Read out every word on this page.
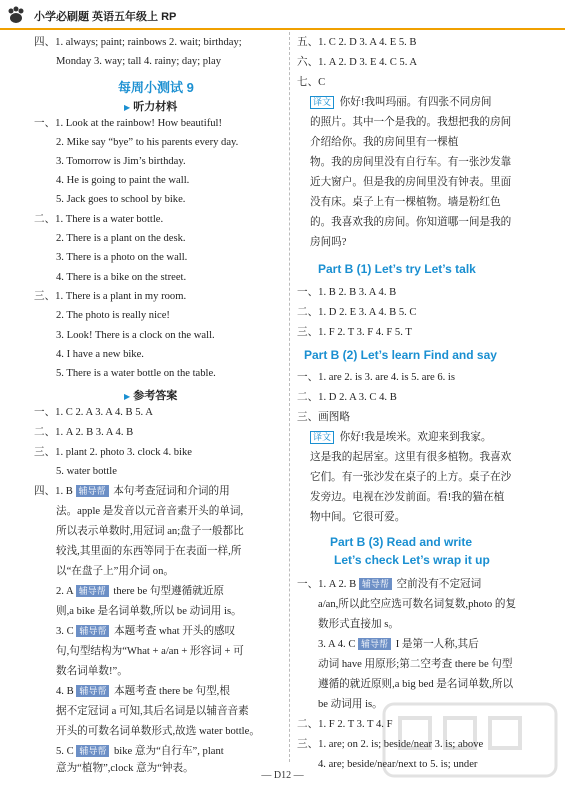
小学必刷题 英语五年级上 RP
四、1. always; paint; rainbows 2. wait; birthday;
Monday 3. way; tall 4. rainy; day; play
每周小测试 9
▶ 听力材料
一、1. Look at the rainbow! How beautiful!
2. Mike say “bye” to his parents every day.
3. Tomorrow is Jim’s birthday.
4. He is going to paint the wall.
5. Jack goes to school by bike.
二、1. There is a water bottle.
2. There is a plant on the desk.
3. There is a photo on the wall.
4. There is a bike on the street.
三、1. There is a plant in my room.
2. The photo is really nice!
3. Look! There is a clock on the wall.
4. I have a new bike.
5. There is a water bottle on the table.
▶ 参考答案
一、1. C 2. A 3. A 4. B 5. A
二、1. A 2. B 3. A 4. B
三、1. plant 2. photo 3. clock 4. bike
5. water bottle
四、1. B 辅导帮 本句考查冠词和介词的用
法。apple 是发音以元音音素开头的单词,
所以表示单数时,用冠词 an;盘子一般都比
较浅,其里面的东西等同于在表面一样,所
以“在盘子上”用介词 on。
2. A 辅导帮 there be 句型遵循就近原
则,a bike 是名词单数,所以 be 动词用 is。
3. C 辅导帮 本题考查 what 开头的感叹
句,句型结构为“What + a/an + 形容词 + 可
数名词单数!”。
4. B 辅导帮 本题考查 there be 句型,根
据不定冠词 a 可知,其后名词是以辅音音素
开头的可数名词单数形式,故选 water bottle。
5. C 辅导帮 bike 意为“自行车”, plant
意为“植物”,clock 意为“钟表。
五、1. C 2. D 3. A 4. E 5. B
六、1. A 2. D 3. E 4. C 5. A
七、C
译文 你好!我叫玛丽。有四张不同房间
的照片。其中一个是我的。我想把我的房间
介绍给你。我的房间里有一棵植
物。我的房间里没有自行车。有一张沙发靠
近大窗户。但是我的房间里没有钟表。里面
没有床。桌子上有一棵植物。墙是粉红色
的。我喜欢我的房间。你知道哪一间是我的
房间吗?
Part B (1) Let’s try Let’s talk
一、1. B 2. B 3. A 4. B
二、1. D 2. E 3. A 4. B 5. C
三、1. F 2. T 3. F 4. F 5. T
Part B (2) Let’s learn Find and say
一、1. are 2. is 3. are 4. is 5. are 6. is
二、1. D 2. A 3. C 4. B
三、画图略
译文 你好!我是埃米。欢迎来到我家。
这是我的起居室。这里有很多植物。我喜欢
它们。有一张沙发在桌子的上方。桌子在沙
发旁边。电视在沙发前面。看!我的猫在植
物中间。它很可爱。
Part B (3) Read and write
Let’s check Let’s wrap it up
一、1. A 2. B 辅导帮 空前没有不定冠词
a/an,所以此空应选可数名词复数,photo 的复
数形式直接加 s。
3. A 4. C 辅导帮 I 是第一人称,其后
动词 have 用原形;第二空考查 there be 句型
遵循的就近原则,a big bed 是名词单数,所以
be 动词用 is。
二、1. F 2. T 3. T 4. F
三、1. are; on 2. is; beside/near 3. is; above
4. are; beside/near/next to 5. is; under
— D12 —
